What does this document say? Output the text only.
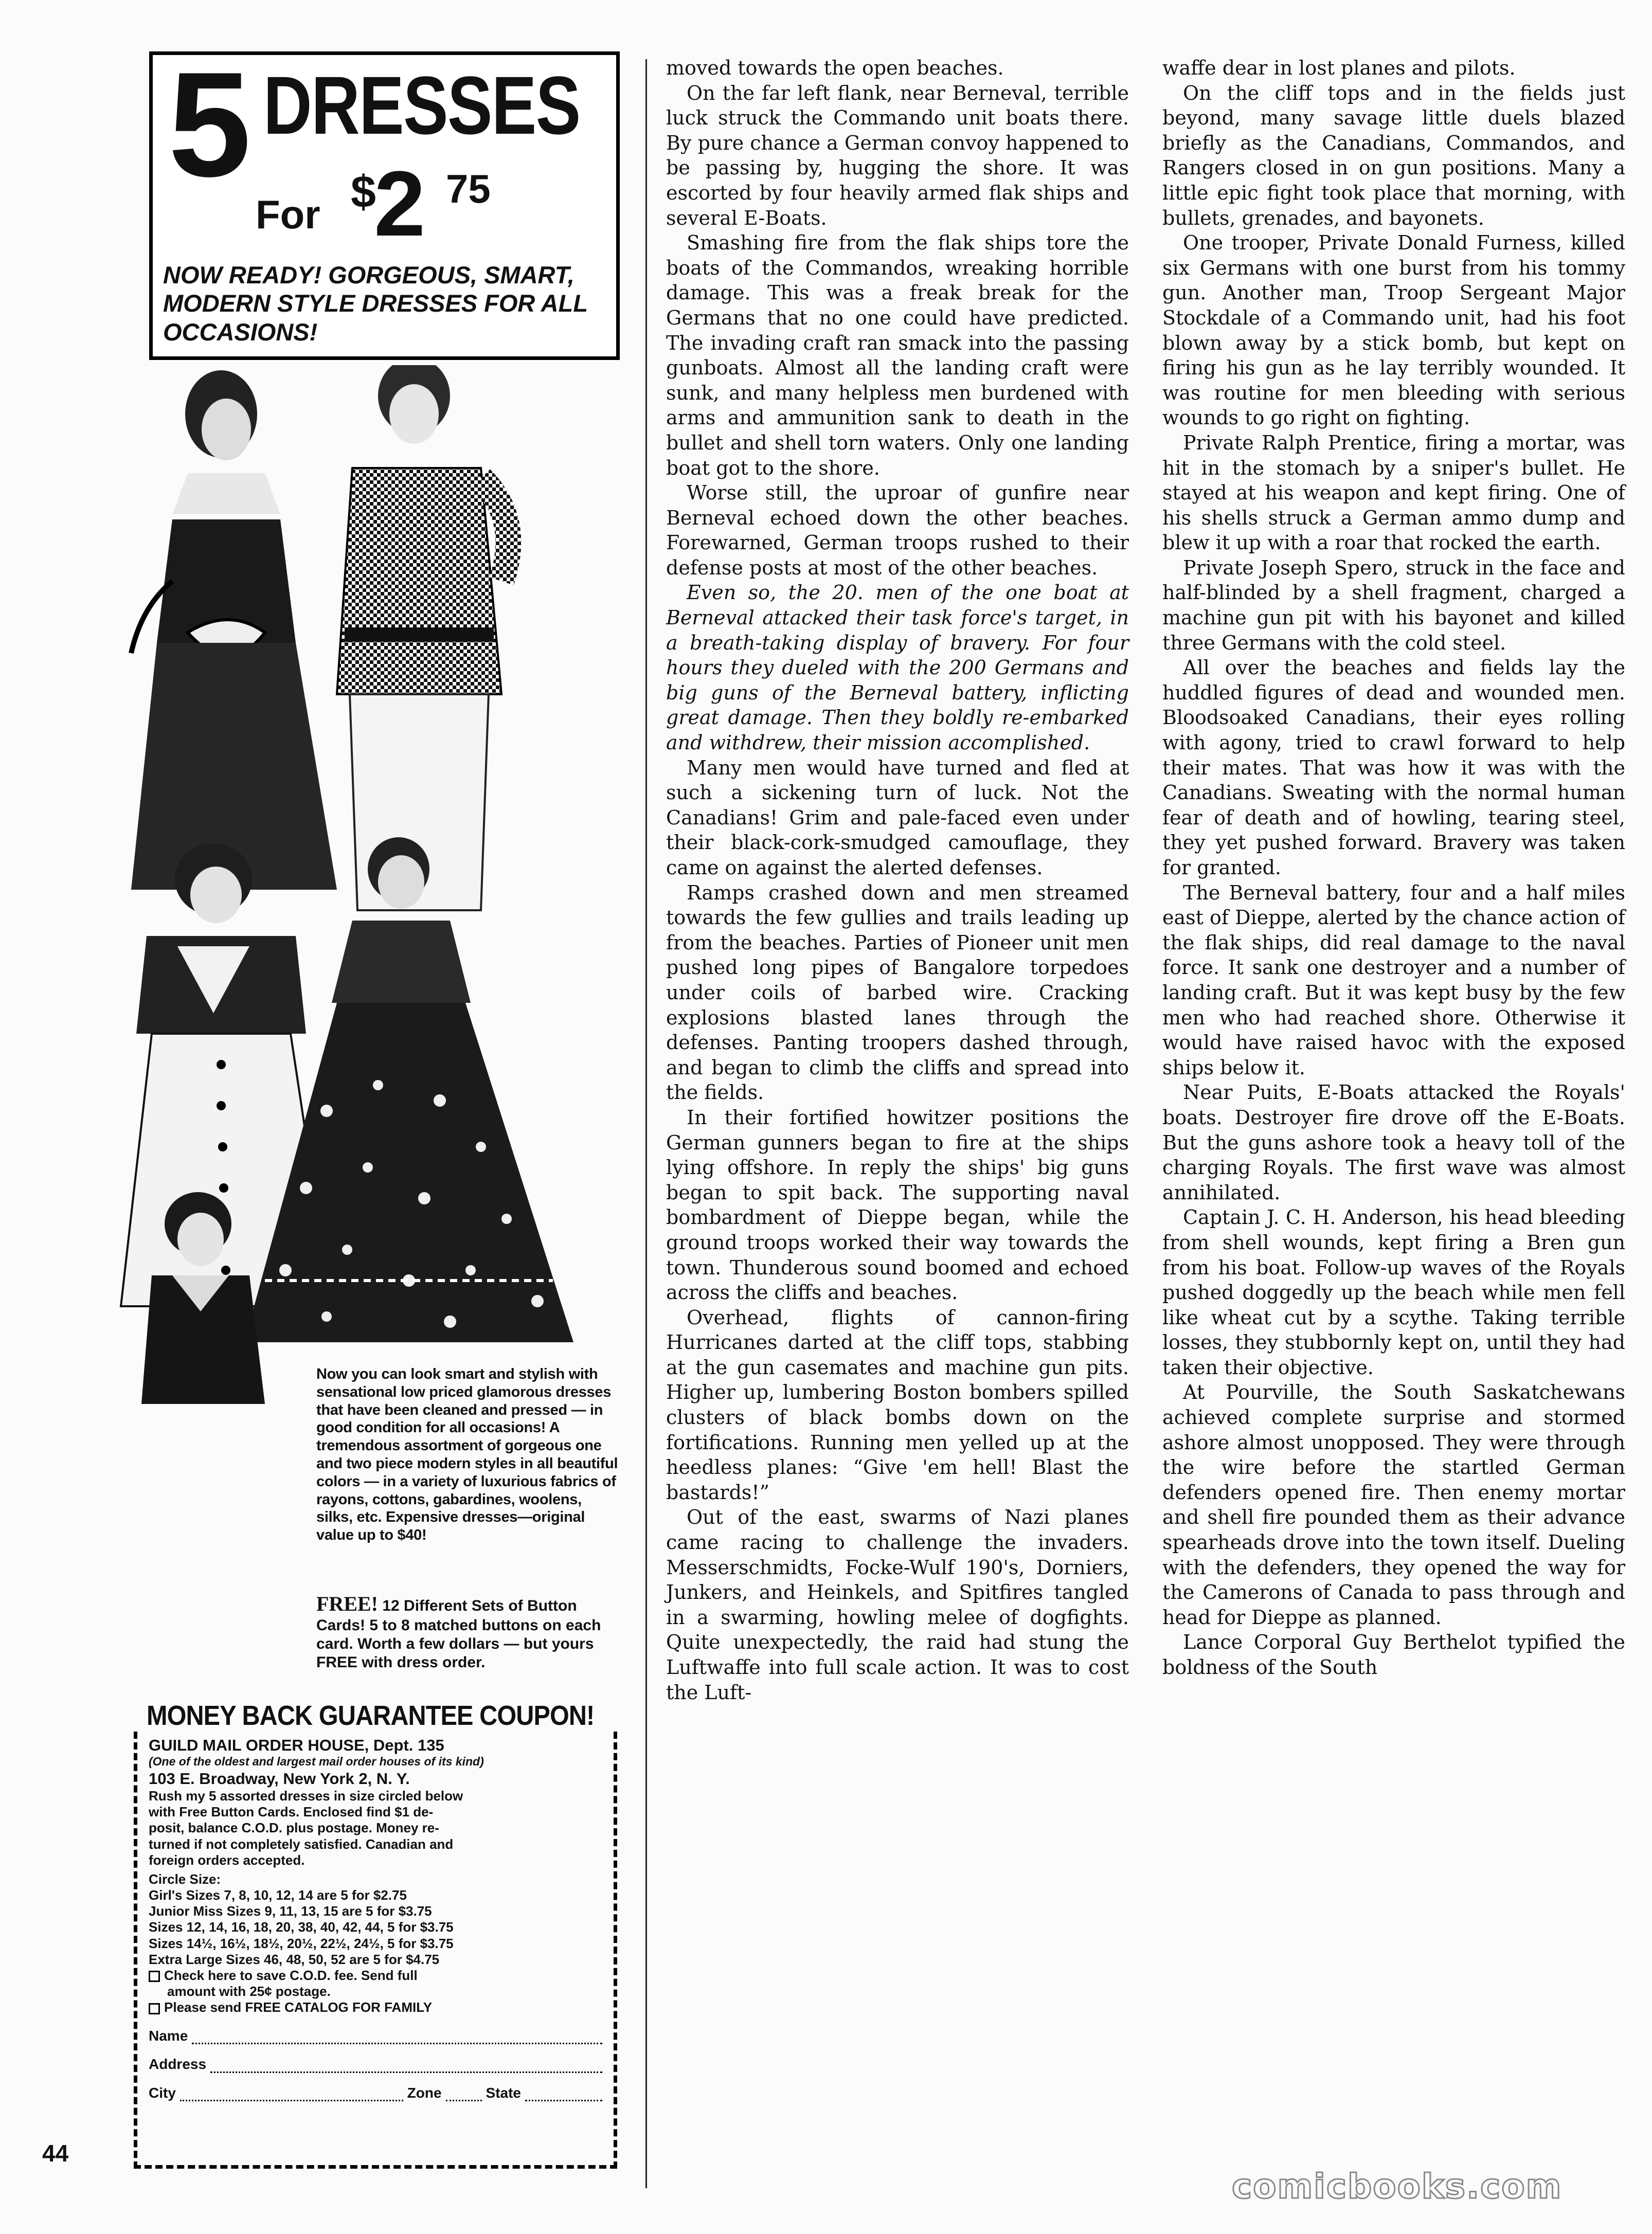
5 DRESSES
For $
2 75
NOW READY! GORGEOUS, SMART, MODERN STYLE DRESSES FOR ALL OCCASIONS!
Now you can look smart and stylish with sensational low priced glamorous dresses that have been cleaned and pressed — in good condition for all occasions! A tremendous assortment of gorgeous one and two piece modern styles in all beautiful colors — in a variety of luxurious fabrics of rayons, cottons, gabardines, woolens, silks, etc. Expensive dresses—original value up to $40!
FREE! 12 Different Sets of Button Cards! 5 to 8 matched buttons on each card. Worth a few dollars — but yours FREE with dress order.
MONEY BACK GUARANTEE COUPON!
GUILD MAIL ORDER HOUSE, Dept. 135
(One of the oldest and largest mail order houses of its kind)
103 E. Broadway, New York 2, N. Y.
Rush my 5 assorted dresses in size circled below
with Free Button Cards. Enclosed find $1 de-
posit, balance C.O.D. plus postage. Money re-
turned if not completely satisfied. Canadian and
foreign orders accepted.
Circle Size:
Girl's Sizes 7, 8, 10, 12, 14 are 5 for $2.75
Junior Miss Sizes 9, 11, 13, 15 are 5 for $3.75
Sizes 12, 14, 16, 18, 20, 38, 40, 42, 44, 5 for $3.75
Sizes 14½, 16½, 18½, 20½, 22½, 24½, 5 for $3.75
Extra Large Sizes 46, 48, 50, 52 are 5 for $4.75
Check here to save C.O.D. fee. Send full
amount with 25¢ postage.
Please send FREE CATALOG FOR FAMILY
Name
Address
City	Zone	State
44

moved towards the open beaches.

On the far left flank, near Berneval, terrible luck struck the Commando unit boats there. By pure chance a German convoy happened to be passing by, hugging the shore. It was escorted by four heavily armed flak ships and several E-Boats.

Smashing fire from the flak ships tore the boats of the Commandos, wreaking horrible damage. This was a freak break for the Germans that no one could have predicted. The invading craft ran smack into the passing gunboats. Almost all the landing craft were sunk, and many helpless men burdened with arms and ammunition sank to death in the bullet and shell torn waters. Only one landing boat got to the shore.

Worse still, the uproar of gunfire near Berneval echoed down the other beaches. Forewarned, German troops rushed to their defense posts at most of the other beaches.

Even so, the 20. men of the one boat at Berneval attacked their task force's target, in a breath-taking display of bravery. For four hours they dueled with the 200 Germans and big guns of the Berneval battery, inflicting great damage. Then they boldly re-embarked and withdrew, their mission accomplished.

Many men would have turned and fled at such a sickening turn of luck. Not the Canadians! Grim and pale-faced even under their black-cork-smudged camouflage, they came on against the alerted defenses.

Ramps crashed down and men streamed towards the few gullies and trails leading up from the beaches. Parties of Pioneer unit men pushed long pipes of Bangalore torpedoes under coils of barbed wire. Cracking explosions blasted lanes through the defenses. Panting troopers dashed through, and began to climb the cliffs and spread into the fields.

In their fortified howitzer positions the German gunners began to fire at the ships lying offshore. In reply the ships' big guns began to spit back. The supporting naval bombardment of Dieppe began, while the ground troops worked their way towards the town. Thunderous sound boomed and echoed across the cliffs and beaches.

Overhead, flights of cannon-firing Hurricanes darted at the cliff tops, stabbing at the gun casemates and machine gun pits. Higher up, lumbering Boston bombers spilled clusters of black bombs down on the fortifications. Running men yelled up at the heedless planes: “Give 'em hell! Blast the bastards!”

Out of the east, swarms of Nazi planes came racing to challenge the invaders. Messerschmidts, Focke-Wulf 190's, Dorniers, Junkers, and Heinkels, and Spitfires tangled in a swarming, howling melee of dogfights. Quite unexpectedly, the raid had stung the Luftwaffe into full scale action. It was to cost the Luft-

waffe dear in lost planes and pilots.

On the cliff tops and in the fields just beyond, many savage little duels blazed briefly as the Canadians, Commandos, and Rangers closed in on gun positions. Many a little epic fight took place that morning, with bullets, grenades, and bayonets.

One trooper, Private Donald Furness, killed six Germans with one burst from his tommy gun. Another man, Troop Sergeant Major Stockdale of a Commando unit, had his foot blown away by a stick bomb, but kept on firing his gun as he lay terribly wounded. It was routine for men bleeding with serious wounds to go right on fighting.

Private Ralph Prentice, firing a mortar, was hit in the stomach by a sniper's bullet. He stayed at his weapon and kept firing. One of his shells struck a German ammo dump and blew it up with a roar that rocked the earth.

Private Joseph Spero, struck in the face and half-blinded by a shell fragment, charged a machine gun pit with his bayonet and killed three Germans with the cold steel.

All over the beaches and fields lay the huddled figures of dead and wounded men. Bloodsoaked Canadians, their eyes rolling with agony, tried to crawl forward to help their mates. That was how it was with the Canadians. Sweating with the normal human fear of death and of howling, tearing steel, they yet pushed forward. Bravery was taken for granted.

The Berneval battery, four and a half miles east of Dieppe, alerted by the chance action of the flak ships, did real damage to the naval force. It sank one destroyer and a number of landing craft. But it was kept busy by the few men who had reached shore. Otherwise it would have raised havoc with the exposed ships below it.

Near Puits, E-Boats attacked the Royals' boats. Destroyer fire drove off the E-Boats. But the guns ashore took a heavy toll of the charging Royals. The first wave was almost annihilated.

Captain J. C. H. Anderson, his head bleeding from shell wounds, kept firing a Bren gun from his boat. Follow-up waves of the Royals pushed doggedly up the beach while men fell like wheat cut by a scythe. Taking terrible losses, they stubbornly kept on, until they had taken their objective.

At Pourville, the South Saskatchewans achieved complete surprise and stormed ashore almost unopposed. They were through the wire before the startled German defenders opened fire. Then enemy mortar and shell fire pounded them as their advance spearheads drove into the town itself. Dueling with the defenders, they opened the way for the Camerons of Canada to pass through and head for Dieppe as planned.

Lance Corporal Guy Berthelot typified the boldness of the South

comicbooks.com
